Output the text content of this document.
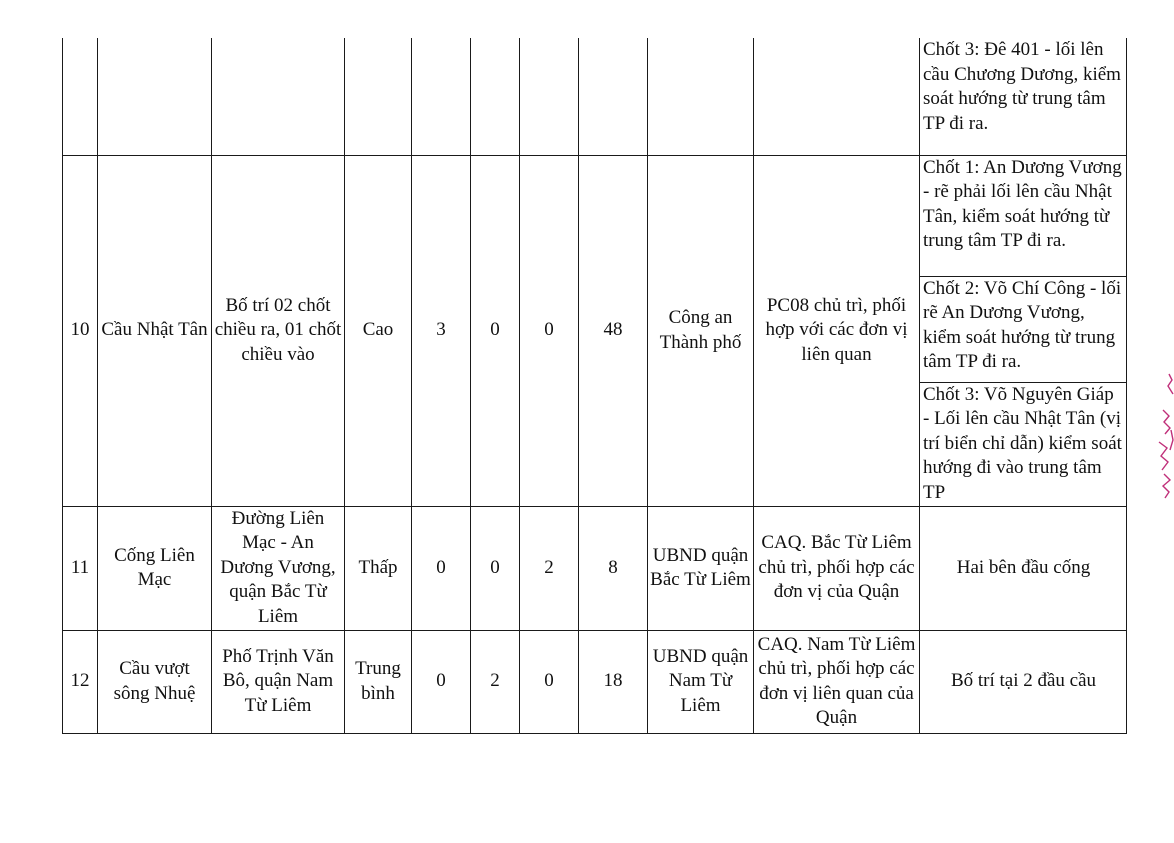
										Chốt 3: Đê 401 - lối lên cầu Chương Dương, kiểm soát hướng từ trung tâm TP đi ra.
10	Cầu Nhật Tân	Bố trí 02 chốt chiều ra, 01 chốt chiều vào	Cao	3	0	0	48	Công an Thành phố	PC08 chủ trì, phối hợp với các đơn vị liên quan	Chốt 1: An Dương Vương - rẽ phải lối lên cầu Nhật Tân, kiểm soát hướng từ trung tâm TP đi ra.
										Chốt 2: Võ Chí Công - lối rẽ An Dương Vương, kiểm soát hướng từ trung tâm TP đi ra.
										Chốt 3: Võ Nguyên Giáp - Lối lên cầu Nhật Tân (vị trí biển chỉ dẫn) kiểm soát hướng đi vào trung tâm TP
11	Cống Liên Mạc	Đường Liên Mạc - An Dương Vương, quận Bắc Từ Liêm	Thấp	0	0	2	8	UBND quận Bắc Từ Liêm	CAQ. Bắc Từ Liêm chủ trì, phối hợp các đơn vị của Quận	Hai bên đầu cống
12	Cầu vượt sông Nhuệ	Phố Trịnh Văn Bô, quận Nam Từ Liêm	Trung bình	0	2	0	18	UBND quận Nam Từ Liêm	CAQ. Nam Từ Liêm chủ trì, phối hợp các đơn vị liên quan của Quận	Bố trí tại 2 đầu cầu
